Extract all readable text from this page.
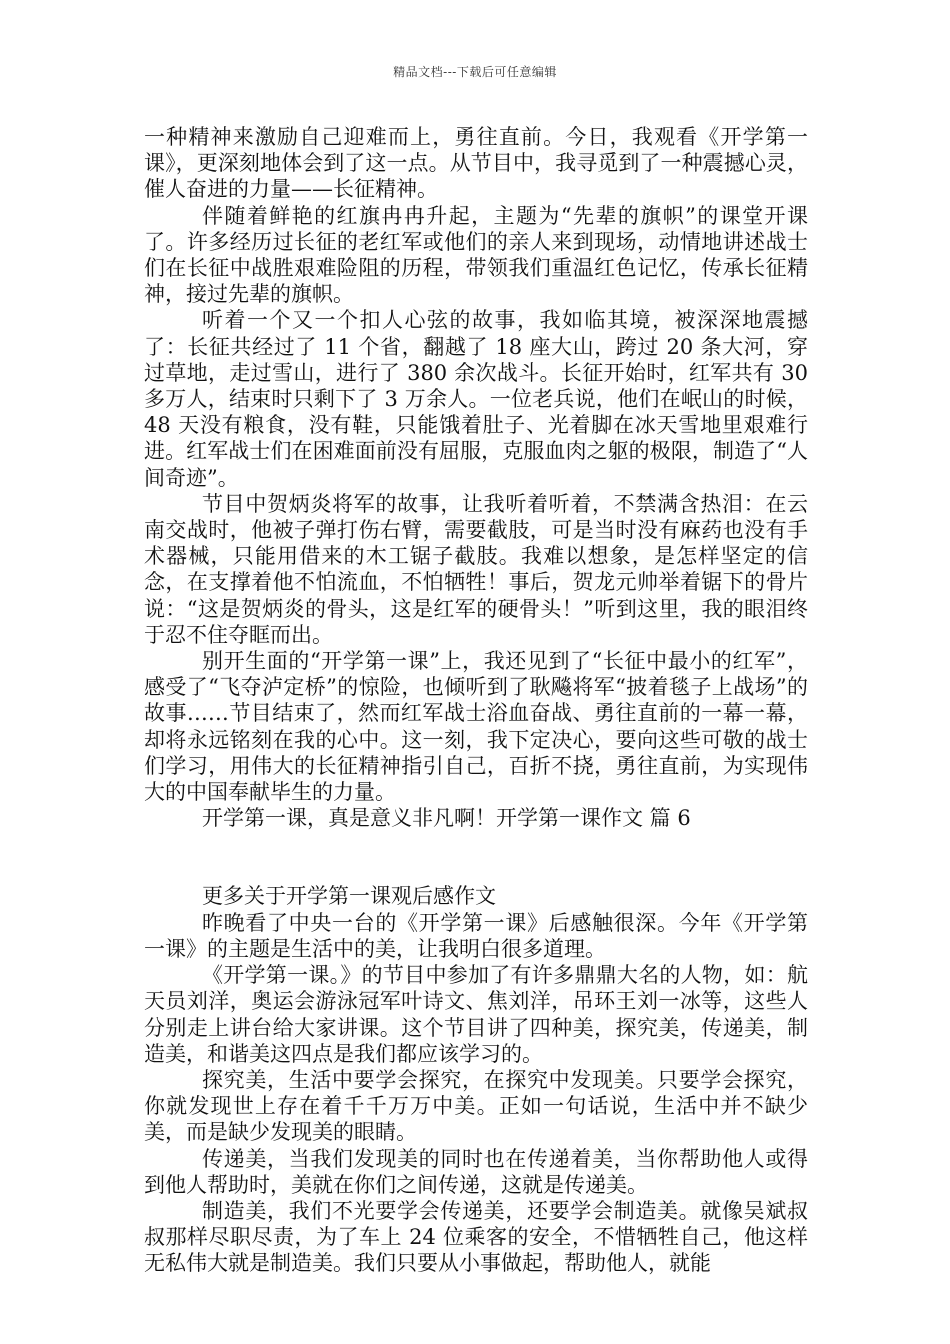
精品文档---下载后可任意编辑

一种精神来激励自己迎难而上，勇往直前。今日，我观看《开学第一课》，更深刻地体会到了这一点。从节目中，我寻觅到了一种震撼心灵，催人奋进的力量——长征精神。

伴随着鲜艳的红旗冉冉升起，主题为“先辈的旗帜”的课堂开课了。许多经历过长征的老红军或他们的亲人来到现场，动情地讲述战士们在长征中战胜艰难险阻的历程，带领我们重温红色记忆，传承长征精神，接过先辈的旗帜。

听着一个又一个扣人心弦的故事，我如临其境，被深深地震撼了：长征共经过了 11 个省，翻越了 18 座大山，跨过 20 条大河，穿过草地，走过雪山，进行了 380 余次战斗。长征开始时，红军共有 30 多万人，结束时只剩下了 3 万余人。一位老兵说，他们在岷山的时候，48 天没有粮食，没有鞋，只能饿着肚子、光着脚在冰天雪地里艰难行进。红军战士们在困难面前没有屈服，克服血肉之躯的极限，制造了“人间奇迹”。

节目中贺炳炎将军的故事，让我听着听着，不禁满含热泪：在云南交战时，他被子弹打伤右臂，需要截肢，可是当时没有麻药也没有手术器械，只能用借来的木工锯子截肢。我难以想象，是怎样坚定的信念，在支撑着他不怕流血，不怕牺牲！事后，贺龙元帅举着锯下的骨片说：“这是贺炳炎的骨头，这是红军的硬骨头！”听到这里，我的眼泪终于忍不住夺眶而出。

别开生面的“开学第一课”上，我还见到了“长征中最小的红军”，感受了“飞夺泸定桥”的惊险，也倾听到了耿飚将军“披着毯子上战场”的故事……节目结束了，然而红军战士浴血奋战、勇往直前的一幕一幕，却将永远铭刻在我的心中。这一刻，我下定决心，要向这些可敬的战士们学习，用伟大的长征精神指引自己，百折不挠，勇往直前，为实现伟大的中国奉献毕生的力量。

开学第一课，真是意义非凡啊！开学第一课作文 篇 6

更多关于开学第一课观后感作文

昨晚看了中央一台的《开学第一课》后感触很深。今年《开学第一课》的主题是生活中的美，让我明白很多道理。

《开学第一课。》的节目中参加了有许多鼎鼎大名的人物，如：航天员刘洋，奥运会游泳冠军叶诗文、焦刘洋，吊环王刘一冰等，这些人分别走上讲台给大家讲课。这个节目讲了四种美，探究美，传递美，制造美，和谐美这四点是我们都应该学习的。

探究美，生活中要学会探究，在探究中发现美。只要学会探究，你就发现世上存在着千千万万中美。正如一句话说，生活中并不缺少美，而是缺少发现美的眼睛。

传递美，当我们发现美的同时也在传递着美，当你帮助他人或得到他人帮助时，美就在你们之间传递，这就是传递美。

制造美，我们不光要学会传递美，还要学会制造美。就像吴斌叔叔那样尽职尽责，为了车上 24 位乘客的安全，不惜牺牲自己，他这样无私伟大就是制造美。我们只要从小事做起，帮助他人，就能
